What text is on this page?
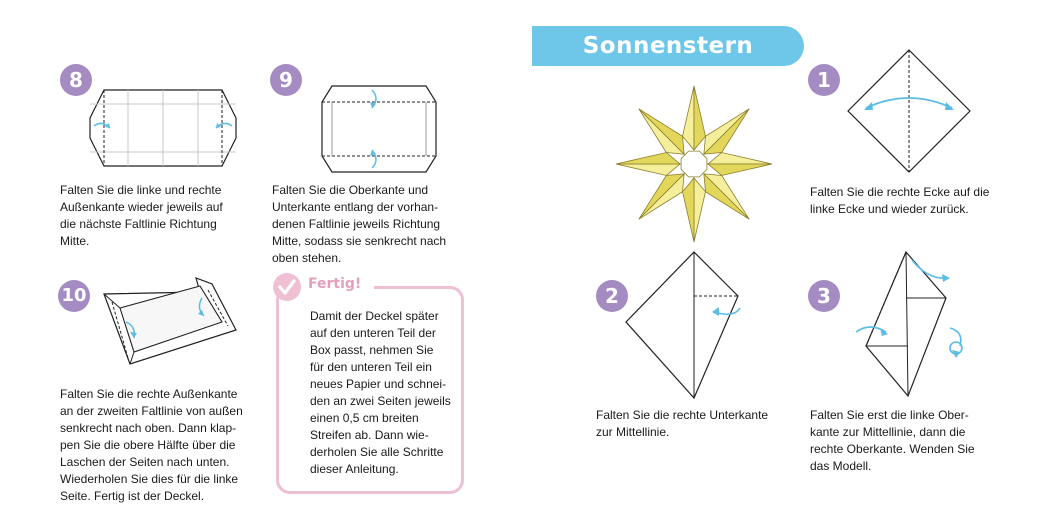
8	9
10
1
2	3
Sonnenstern

Falten Sie die linke und rechte
Außenkante wieder jeweils auf
die nächste Faltlinie Richtung
Mitte.

Falten Sie die Oberkante und
Unterkante entlang der vorhan-
denen Faltlinie jeweils Richtung
Mitte, sodass sie senkrecht nach
oben stehen.

Falten Sie die rechte Außenkante
an der zweiten Faltlinie von außen
senkrecht nach oben. Dann klap-
pen Sie die obere Hälfte über die
Laschen der Seiten nach unten.
Wiederholen Sie dies für die linke
Seite. Fertig ist der Deckel.

Falten Sie die rechte Ecke auf die
linke Ecke und wieder zurück.

Falten Sie die rechte Unterkante
zur Mittellinie.

Falten Sie erst die linke Ober-
kante zur Mittellinie, dann die
rechte Oberkante. Wenden Sie
das Modell.

Fertig!

Damit der Deckel später
auf den unteren Teil der
Box passt, nehmen Sie
für den unteren Teil ein
neues Papier und schnei-
den an zwei Seiten jeweils
einen 0,5 cm breiten
Streifen ab. Dann wie-
derholen Sie alle Schritte
dieser Anleitung.
